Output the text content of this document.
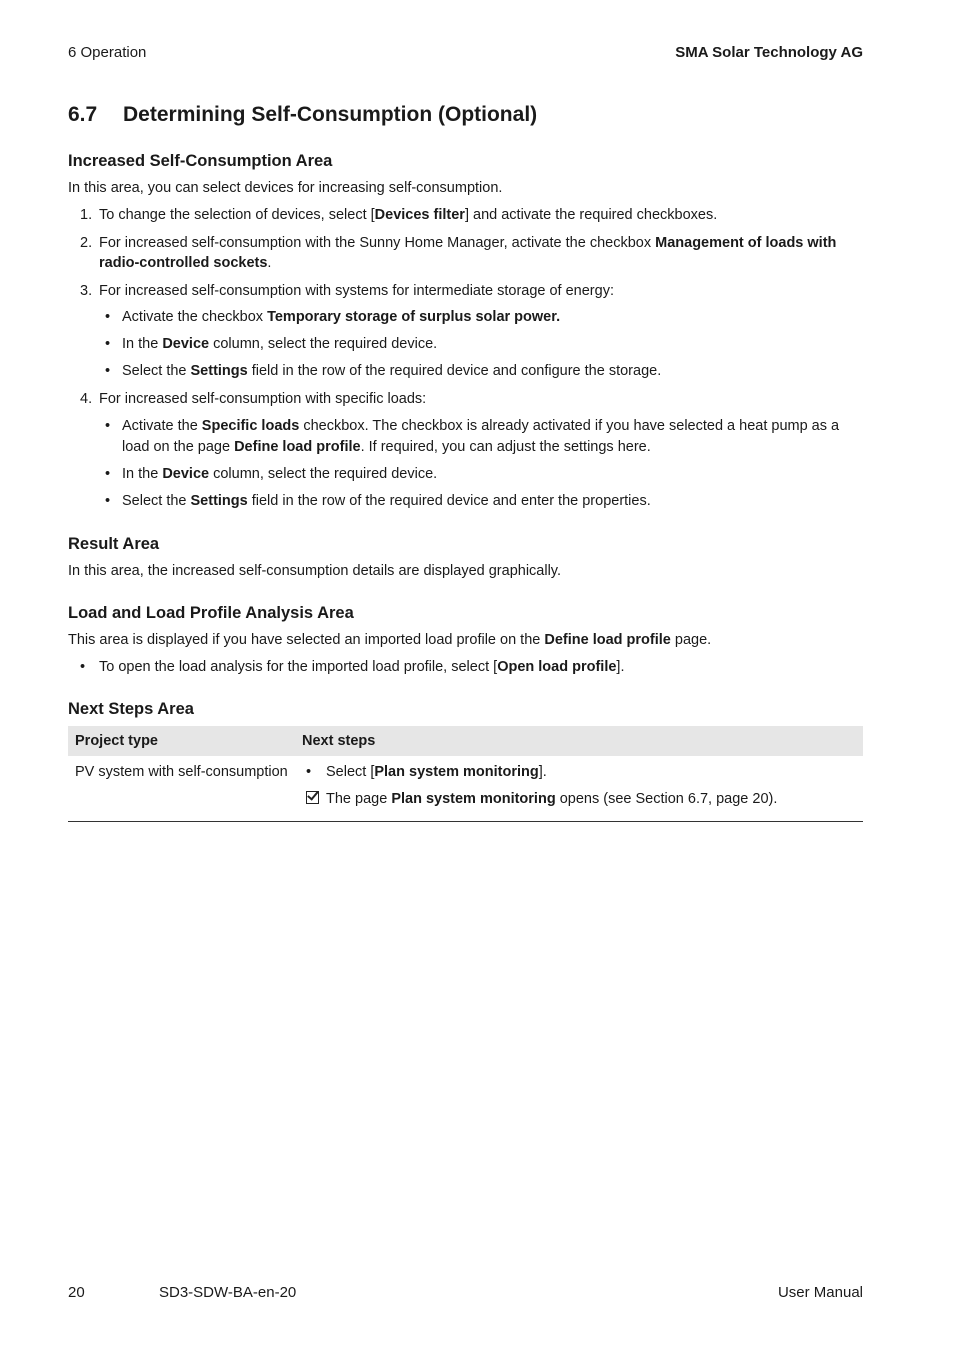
6 Operation	SMA Solar Technology AG
6.7 Determining Self-Consumption (Optional)
Increased Self-Consumption Area
In this area, you can select devices for increasing self-consumption.
1. To change the selection of devices, select [Devices filter] and activate the required checkboxes.
2. For increased self-consumption with the Sunny Home Manager, activate the checkbox Management of loads with radio-controlled sockets.
3. For increased self-consumption with systems for intermediate storage of energy:
• Activate the checkbox Temporary storage of surplus solar power.
• In the Device column, select the required device.
• Select the Settings field in the row of the required device and configure the storage.
4. For increased self-consumption with specific loads:
• Activate the Specific loads checkbox. The checkbox is already activated if you have selected a heat pump as a load on the page Define load profile. If required, you can adjust the settings here.
• In the Device column, select the required device.
• Select the Settings field in the row of the required device and enter the properties.
Result Area
In this area, the increased self-consumption details are displayed graphically.
Load and Load Profile Analysis Area
This area is displayed if you have selected an imported load profile on the Define load profile page.
• To open the load analysis for the imported load profile, select [Open load profile].
Next Steps Area
Project type	Next steps
PV system with self-consumption	• Select [Plan system monitoring].
The page Plan system monitoring opens (see Section 6.7, page 20).
20	SD3-SDW-BA-en-20	User Manual
